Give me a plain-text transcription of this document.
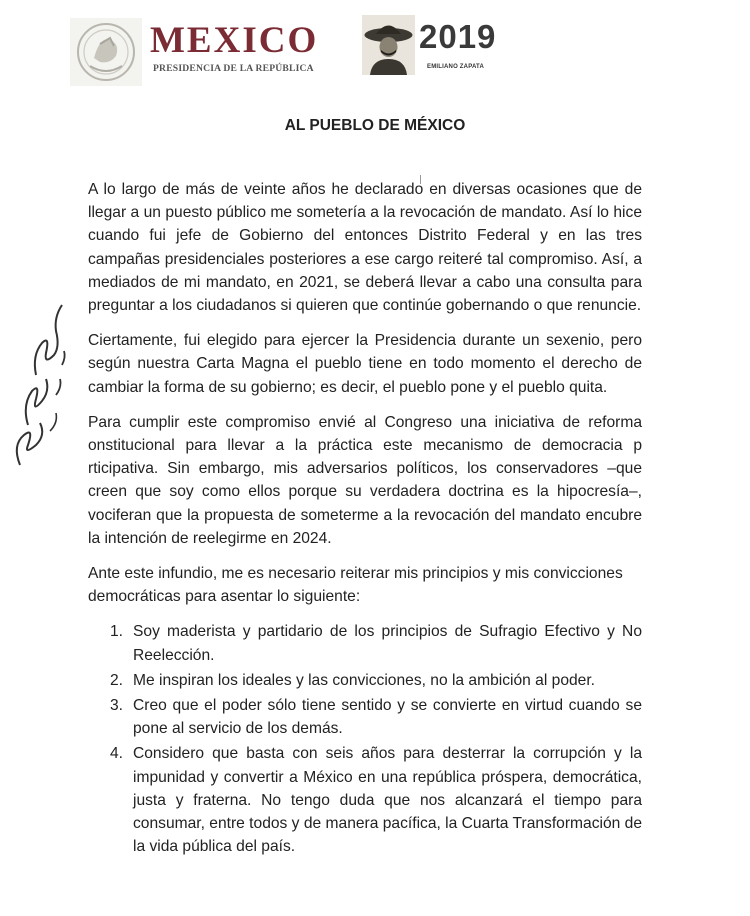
MEXICO
PRESIDENCIA DE LA REPÚBLICA
2019
EMILIANO ZAPATA
AL PUEBLO DE MÉXICO

A lo largo de más de veinte años he declarado en diversas ocasiones que de llegar a un puesto público me sometería a la revocación de mandato. Así lo hice cuando fui jefe de Gobierno del entonces Distrito Federal y en las tres campañas presidenciales posteriores a ese cargo reiteré tal compromiso. Así, a mediados de mi mandato, en 2021, se deberá llevar a cabo una consulta para preguntar a los ciudadanos si quieren que continúe gobernando o que renuncie.

Ciertamente, fui elegido para ejercer la Presidencia durante un sexenio, pero según nuestra Carta Magna el pueblo tiene en todo momento el derecho de cambiar la forma de su gobierno; es decir, el pueblo pone y el pueblo quita.

Para cumplir este compromiso envié al Congreso una iniciativa de reforma onstitucional para llevar a la práctica este mecanismo de democracia p rticipativa. Sin embargo, mis adversarios políticos, los conservadores –que creen que soy como ellos porque su verdadera doctrina es la hipocresía–, vociferan que la propuesta de someterme a la revocación del mandato encubre la intención de reelegirme en 2024.

Ante este infundio, me es necesario reiterar mis principios y mis convicciones democráticas para asentar lo siguiente:

1. Soy maderista y partidario de los principios de Sufragio Efectivo y No Reelección.
2. Me inspiran los ideales y las convicciones, no la ambición al poder.
3. Creo que el poder sólo tiene sentido y se convierte en virtud cuando se pone al servicio de los demás.
4. Considero que basta con seis años para desterrar la corrupción y la impunidad y convertir a México en una república próspera, democrática, justa y fraterna. No tengo duda que nos alcanzará el tiempo para consumar, entre todos y de manera pacífica, la Cuarta Transformación de la vida pública del país.
